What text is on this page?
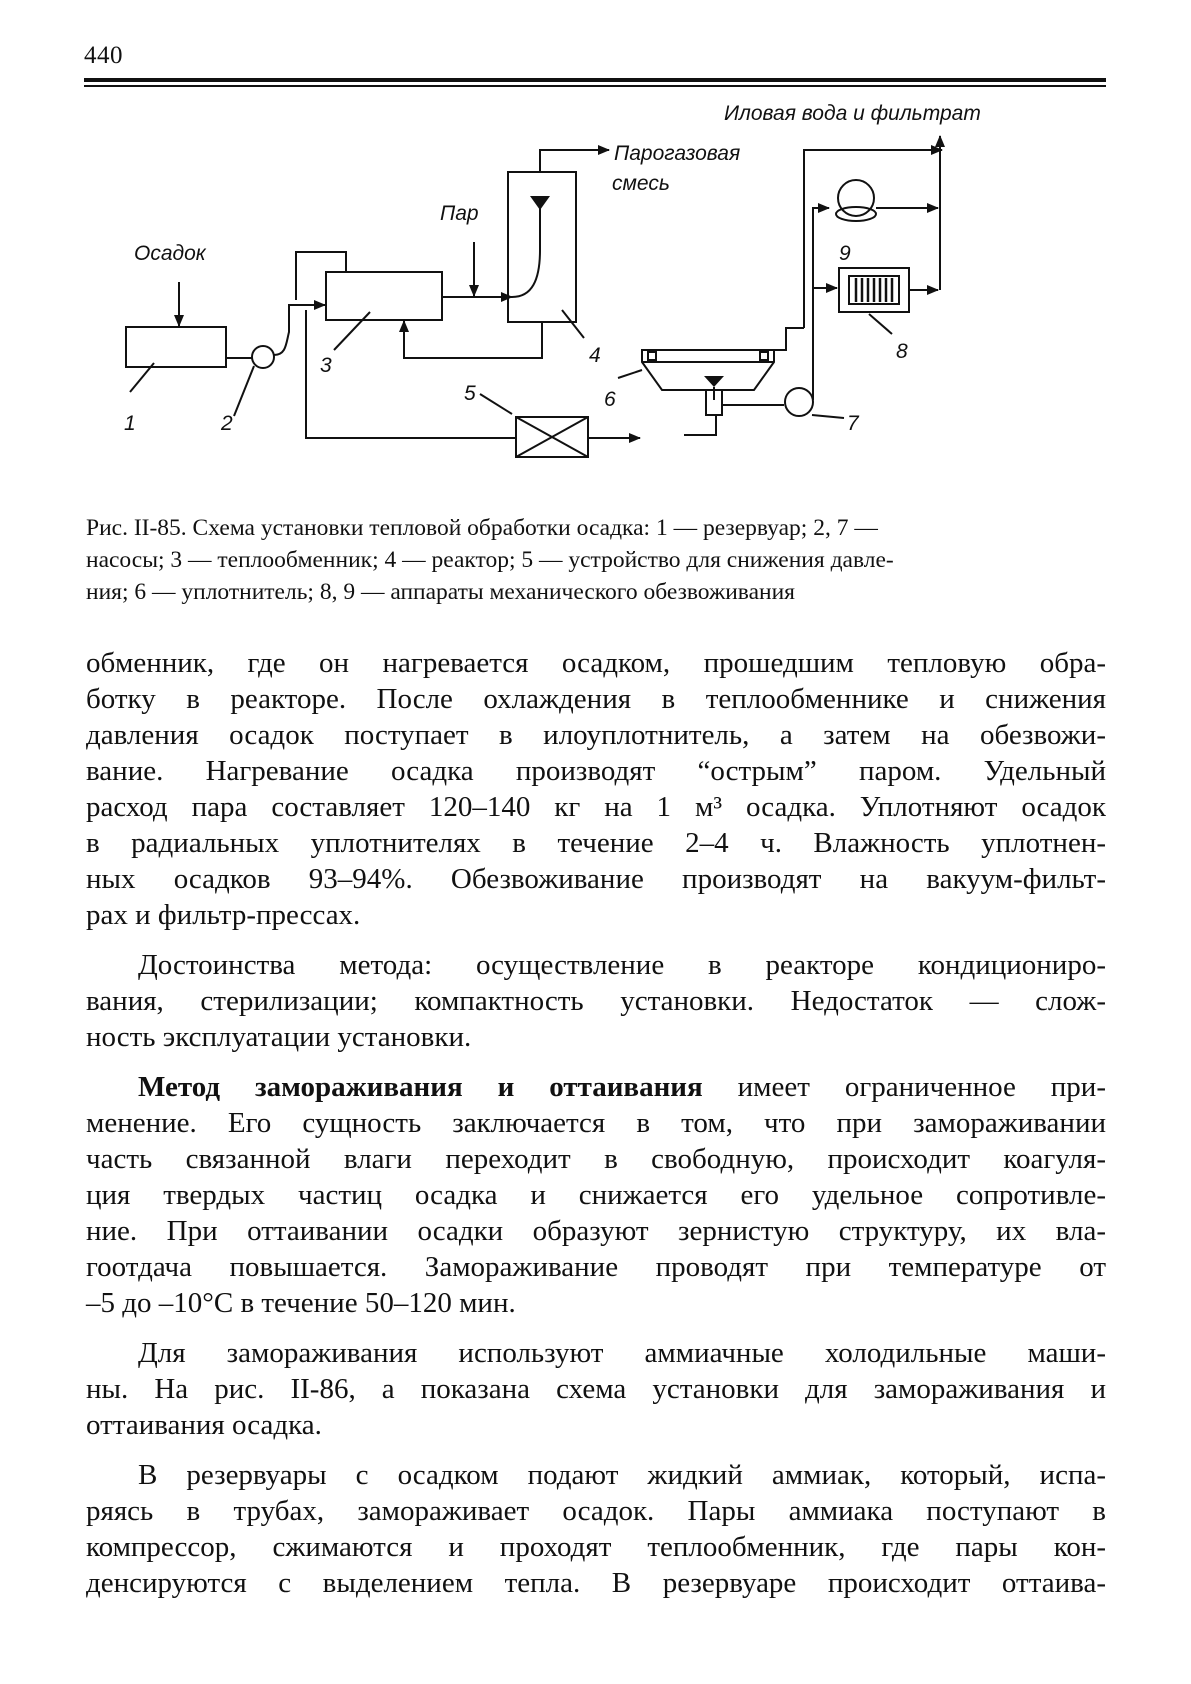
440
Осадок
Пар
Парогазовая
смесь
Иловая вода и фильтрат
1	2
3	4
5	6
7
8
9
Рис. II-85. Схема установки тепловой обработки осадка: 1 — резервуар; 2, 7 —
насосы; 3 — теплообменник; 4 — реактор; 5 — устройство для снижения давле-
ния; 6 — уплотнитель; 8, 9 — аппараты механического обезвоживания
обменник, где он нагревается осадком, прошедшим тепловую обра-
ботку в реакторе. После охлаждения в теплообменнике и снижения
давления осадок поступает в илоуплотнитель, а затем на обезвожи-
вание. Нагревание осадка производят “острым” паром. Удельный
расход пара составляет 120–140 кг на 1 м³ осадка. Уплотняют осадок
в радиальных уплотнителях в течение 2–4 ч. Влажность уплотнен-
ных осадков 93–94%. Обезвоживание производят на вакуум-фильт-
рах и фильтр-прессах.
Достоинства метода: осуществление в реакторе кондициониро-
вания, стерилизации; компактность установки. Недостаток — слож-
ность эксплуатации установки.
Метод замораживания и оттаивания имеет ограниченное при-
менение. Его сущность заключается в том, что при замораживании
часть связанной влаги переходит в свободную, происходит коагуля-
ция твердых частиц осадка и снижается его удельное сопротивле-
ние. При оттаивании осадки образуют зернистую структуру, их вла-
гоотдача повышается. Замораживание проводят при температуре от
–5 до –10°С в течение 50–120 мин.
Для замораживания используют аммиачные холодильные маши-
ны. На рис. II-86, а показана схема установки для замораживания и
оттаивания осадка.
В резервуары с осадком подают жидкий аммиак, который, испа-
ряясь в трубах, замораживает осадок. Пары аммиака поступают в
компрессор, сжимаются и проходят теплообменник, где пары кон-
денсируются с выделением тепла. В резервуаре происходит оттаива-
